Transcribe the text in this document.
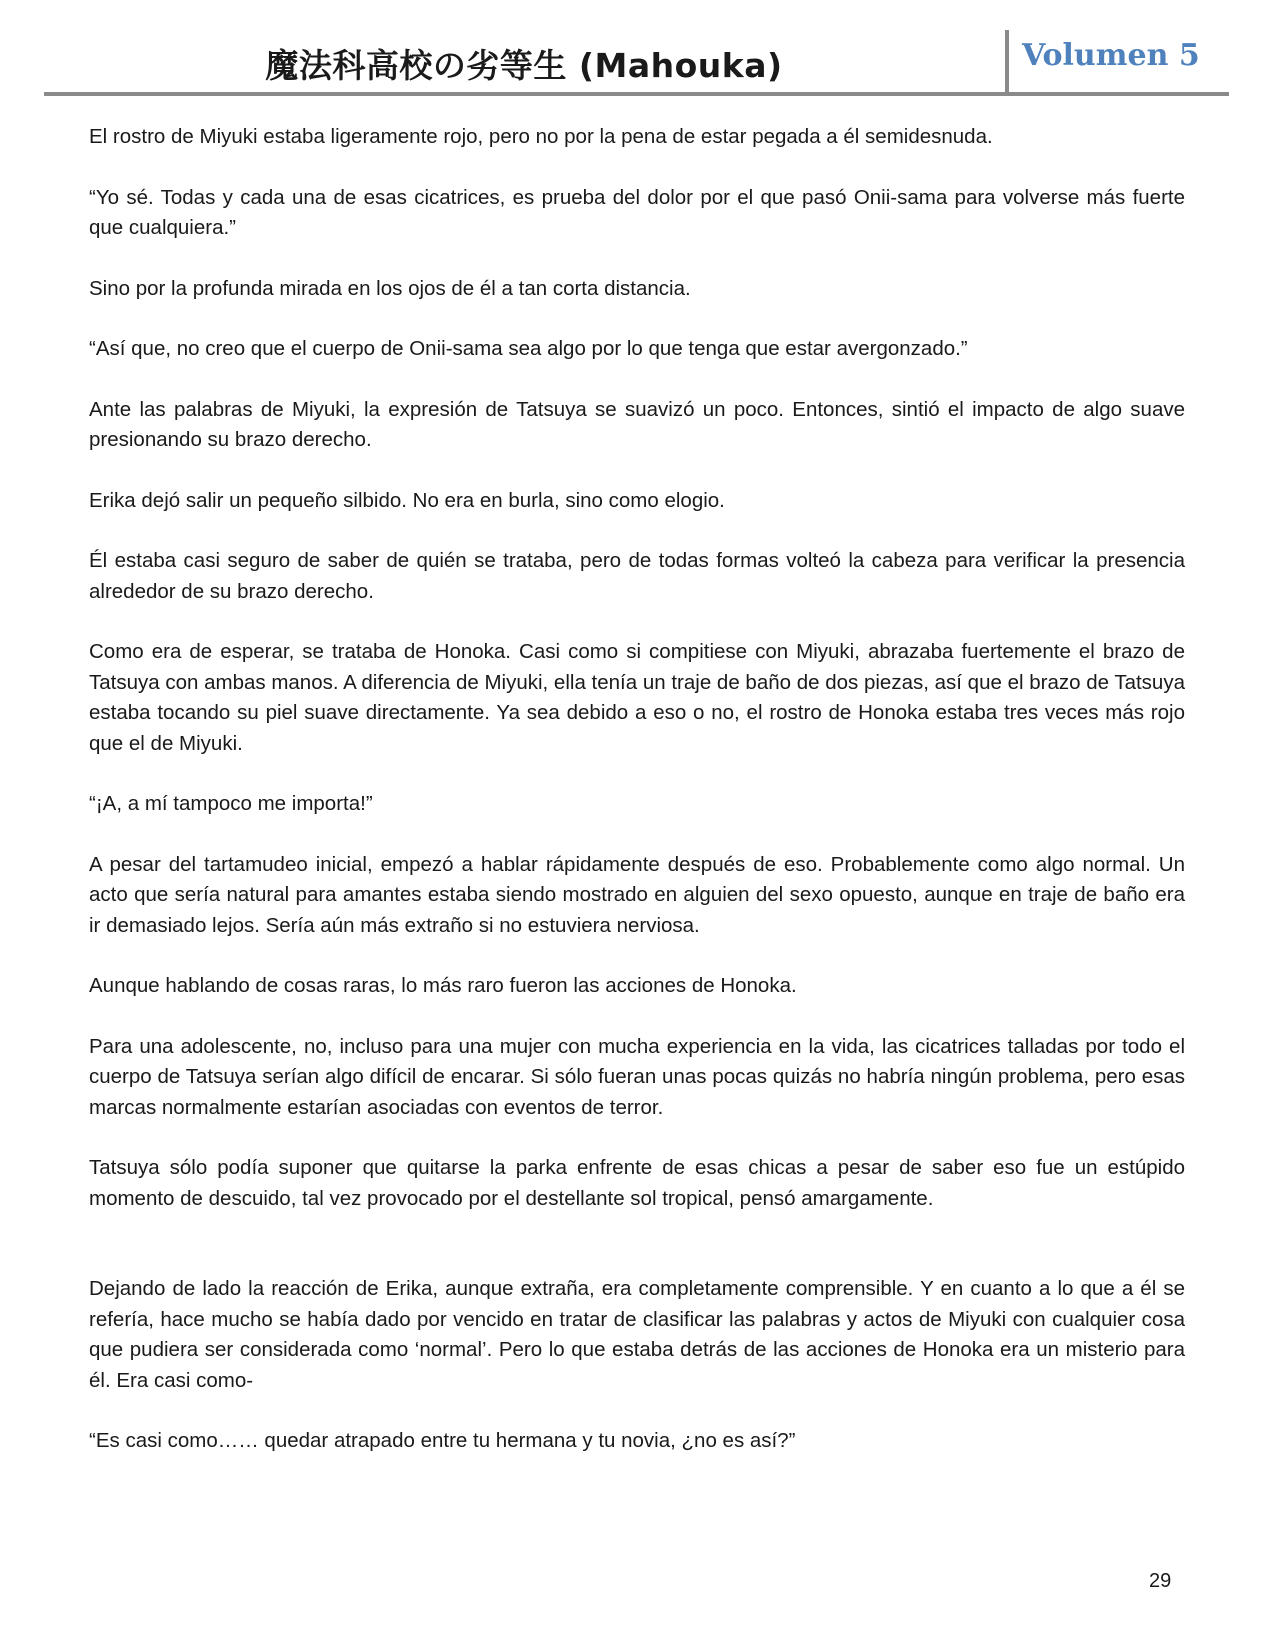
魔法科高校の劣等生 (Mahouka)	Volumen 5

El rostro de Miyuki estaba ligeramente rojo, pero no por la pena de estar pegada a él semidesnuda.

“Yo sé. Todas y cada una de esas cicatrices, es prueba del dolor por el que pasó Onii-sama para volverse más fuerte que cualquiera.”

Sino por la profunda mirada en los ojos de él a tan corta distancia.

“Así que, no creo que el cuerpo de Onii-sama sea algo por lo que tenga que estar avergonzado.”

Ante las palabras de Miyuki, la expresión de Tatsuya se suavizó un poco. Entonces, sintió el impacto de algo suave presionando su brazo derecho.

Erika dejó salir un pequeño silbido. No era en burla, sino como elogio.

Él estaba casi seguro de saber de quién se trataba, pero de todas formas volteó la cabeza para verificar la presencia alrededor de su brazo derecho.

Como era de esperar, se trataba de Honoka. Casi como si compitiese con Miyuki, abrazaba fuertemente el brazo de Tatsuya con ambas manos. A diferencia de Miyuki, ella tenía un traje de baño de dos piezas, así que el brazo de Tatsuya estaba tocando su piel suave directamente. Ya sea debido a eso o no, el rostro de Honoka estaba tres veces más rojo que el de Miyuki.

“¡A, a mí tampoco me importa!”

A pesar del tartamudeo inicial, empezó a hablar rápidamente después de eso. Probablemente como algo normal. Un acto que sería natural para amantes estaba siendo mostrado en alguien del sexo opuesto, aunque en traje de baño era ir demasiado lejos. Sería aún más extraño si no estuviera nerviosa.

Aunque hablando de cosas raras, lo más raro fueron las acciones de Honoka.

Para una adolescente, no, incluso para una mujer con mucha experiencia en la vida, las cicatrices talladas por todo el cuerpo de Tatsuya serían algo difícil de encarar. Si sólo fueran unas pocas quizás no habría ningún problema, pero esas marcas normalmente estarían asociadas con eventos de terror.

Tatsuya sólo podía suponer que quitarse la parka enfrente de esas chicas a pesar de saber eso fue un estúpido momento de descuido, tal vez provocado por el destellante sol tropical, pensó amargamente.

Dejando de lado la reacción de Erika, aunque extraña, era completamente comprensible. Y en cuanto a lo que a él se refería, hace mucho se había dado por vencido en tratar de clasificar las palabras y actos de Miyuki con cualquier cosa que pudiera ser considerada como ‘normal’. Pero lo que estaba detrás de las acciones de Honoka era un misterio para él. Era casi como-

“Es casi como…… quedar atrapado entre tu hermana y tu novia, ¿no es así?”

29
